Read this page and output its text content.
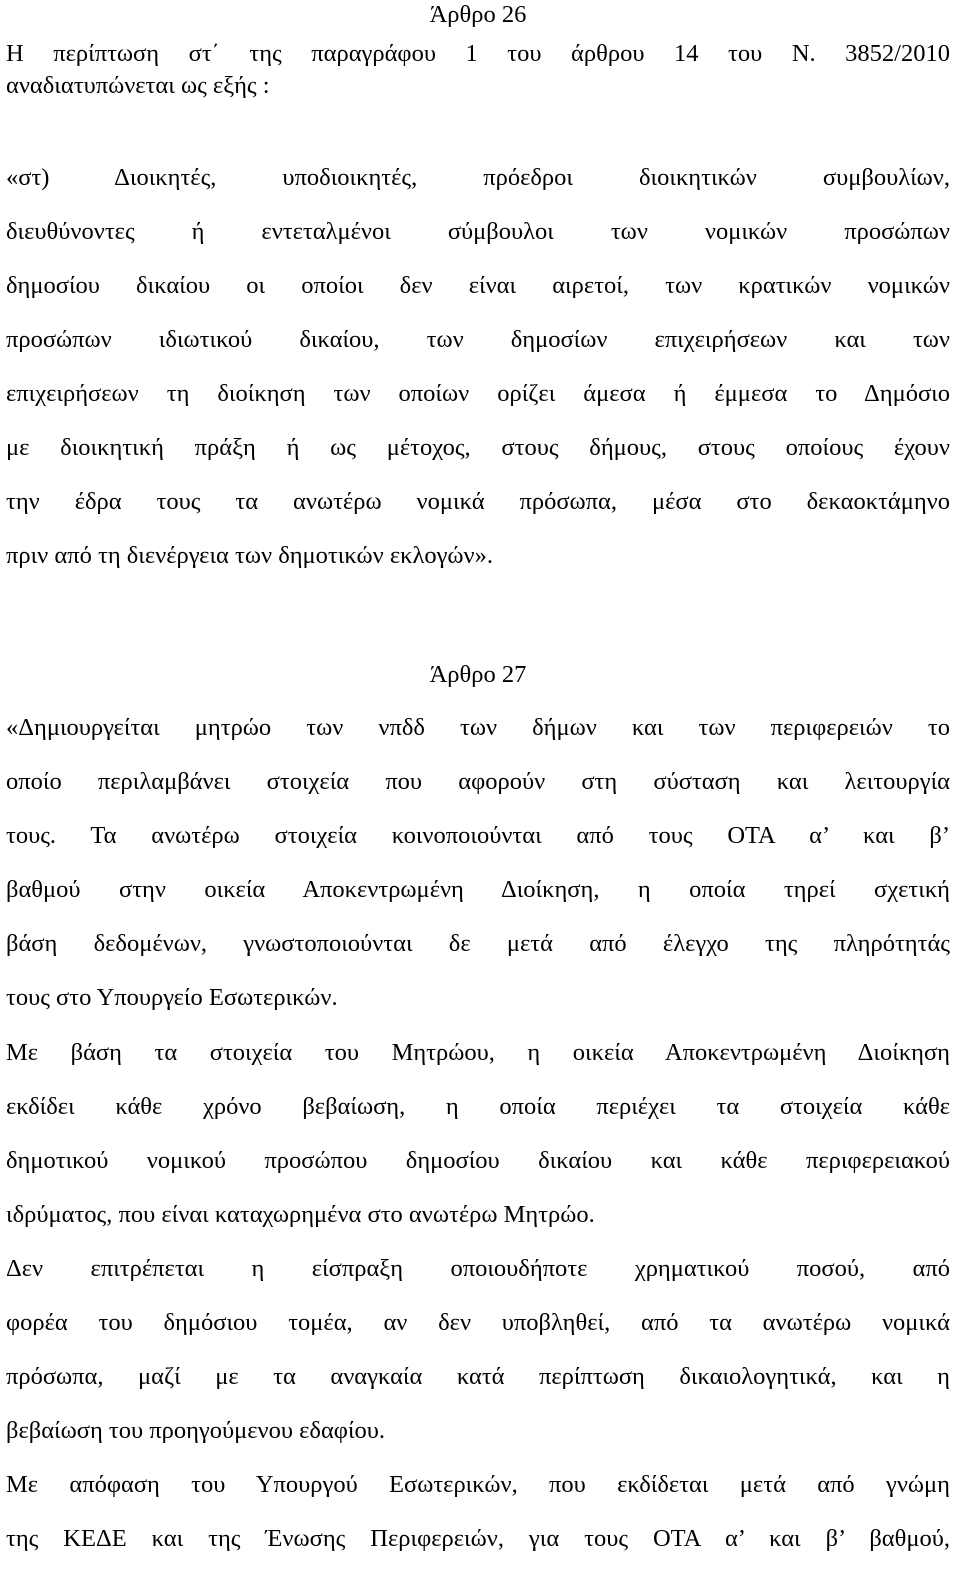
Άρθρο 26
Η περίπτωση στ΄ της παραγράφου 1 του άρθρου 14 του Ν. 3852/2010
αναδιατυπώνεται ως εξής :
«στ) Διοικητές, υποδιοικητές, πρόεδροι διοικητικών συμβουλίων,
διευθύνοντες ή εντεταλμένοι σύμβουλοι των νομικών προσώπων
δημοσίου δικαίου οι οποίοι δεν είναι αιρετοί, των κρατικών νομικών
προσώπων ιδιωτικού δικαίου, των δημοσίων επιχειρήσεων και των
επιχειρήσεων τη διοίκηση των οποίων ορίζει άμεσα ή έμμεσα το Δημόσιο
με διοικητική πράξη ή ως μέτοχος, στους δήμους, στους οποίους έχουν
την έδρα τους τα ανωτέρω νομικά πρόσωπα, μέσα στο δεκαοκτάμηνο
πριν από τη διενέργεια των δημοτικών εκλογών».
Άρθρο 27
«Δημιουργείται μητρώο των νπδδ των δήμων και των περιφερειών το
οποίο περιλαμβάνει στοιχεία που αφορούν στη σύσταση και λειτουργία
τους. Τα ανωτέρω στοιχεία κοινοποιούνται από τους ΟΤΑ α’ και β’
βαθμού στην οικεία Αποκεντρωμένη Διοίκηση, η οποία τηρεί σχετική
βάση δεδομένων, γνωστοποιούνται δε μετά από έλεγχο της πληρότητάς
τους στο Υπουργείο Εσωτερικών.
Με βάση τα στοιχεία του Μητρώου, η οικεία Αποκεντρωμένη Διοίκηση
εκδίδει κάθε χρόνο βεβαίωση, η οποία περιέχει τα στοιχεία κάθε
δημοτικού νομικού προσώπου δημοσίου δικαίου και κάθε περιφερειακού
ιδρύματος, που είναι καταχωρημένα στο ανωτέρω Μητρώο.
Δεν επιτρέπεται η είσπραξη οποιουδήποτε χρηματικού ποσού, από
φορέα του δημόσιου τομέα, αν δεν υποβληθεί, από τα ανωτέρω νομικά
πρόσωπα, μαζί με τα αναγκαία κατά περίπτωση δικαιολογητικά, και η
βεβαίωση του προηγούμενου εδαφίου.
Με απόφαση του Υπουργού Εσωτερικών, που εκδίδεται μετά από γνώμη
της ΚΕΔΕ και της Ένωσης Περιφερειών, για τους ΟΤΑ α’ και β’ βαθμού,
